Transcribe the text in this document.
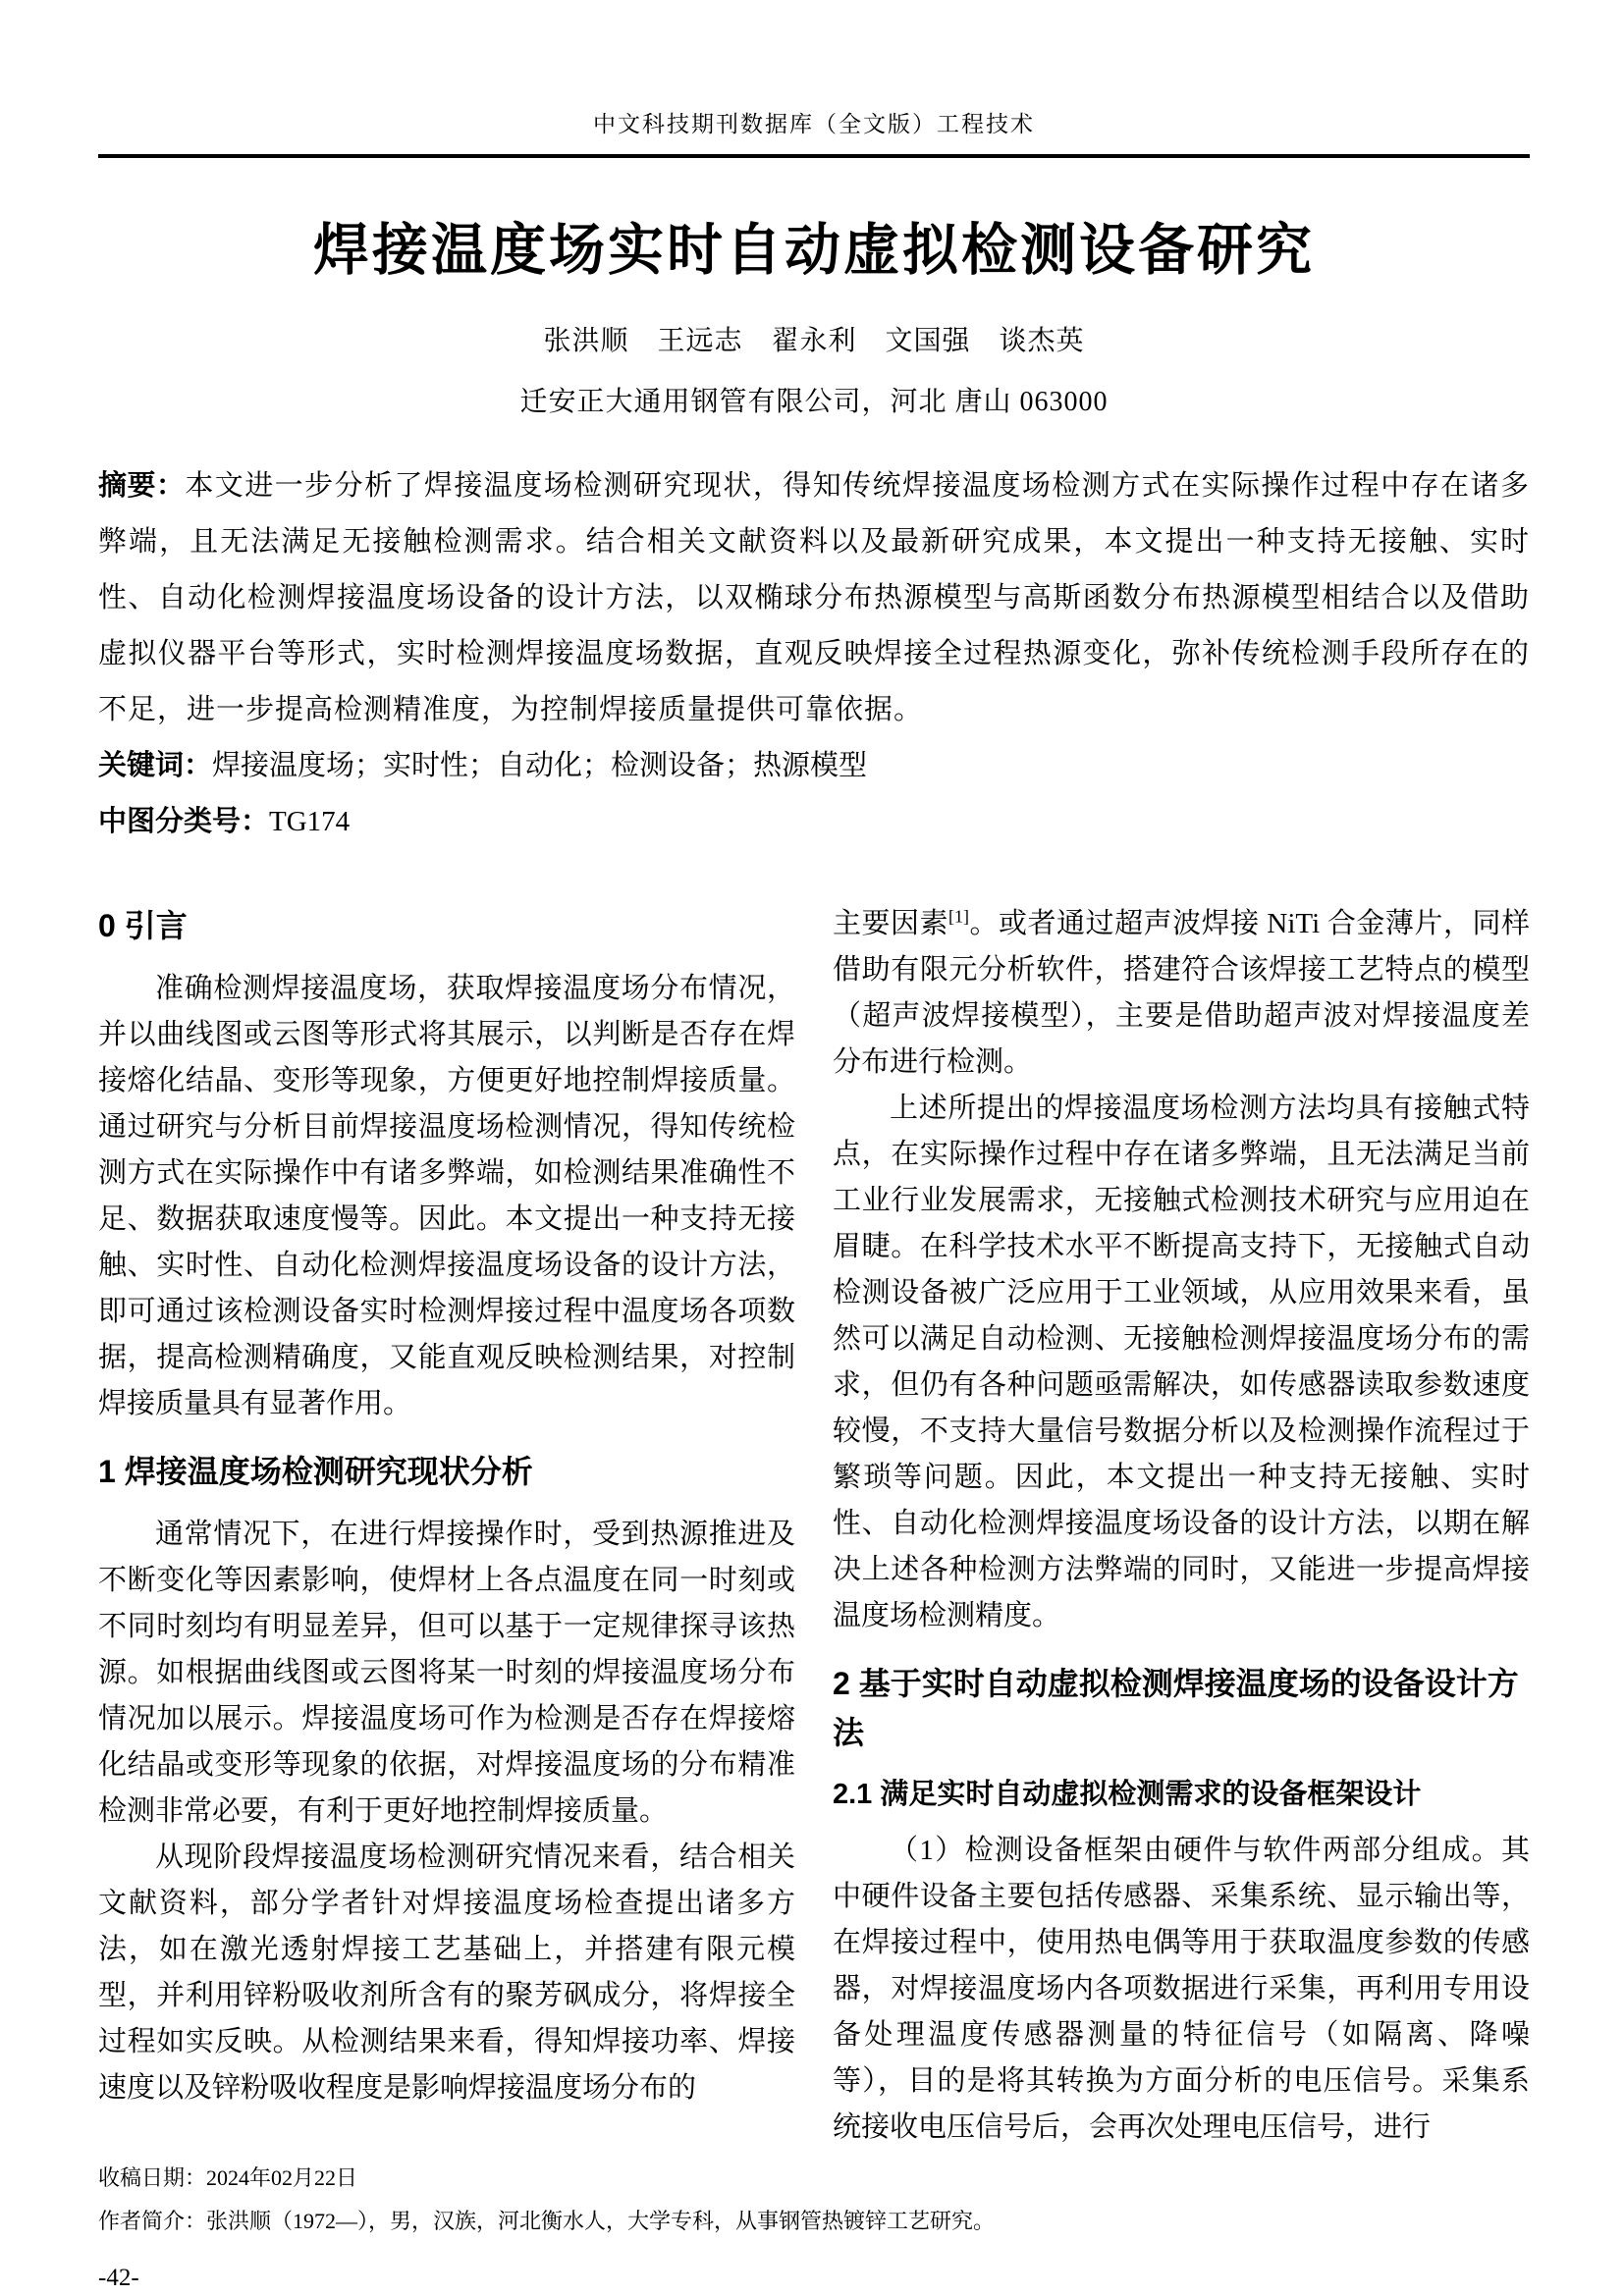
中文科技期刊数据库（全文版）工程技术
焊接温度场实时自动虚拟检测设备研究
张洪顺　王远志　翟永利　文国强　谈杰英
迁安正大通用钢管有限公司，河北 唐山 063000

摘要：本文进一步分析了焊接温度场检测研究现状，得知传统焊接温度场检测方式在实际操作过程中存在诸多弊端，且无法满足无接触检测需求。结合相关文献资料以及最新研究成果，本文提出一种支持无接触、实时性、自动化检测焊接温度场设备的设计方法，以双椭球分布热源模型与高斯函数分布热源模型相结合以及借助虚拟仪器平台等形式，实时检测焊接温度场数据，直观反映焊接全过程热源变化，弥补传统检测手段所存在的不足，进一步提高检测精准度，为控制焊接质量提供可靠依据。

关键词：焊接温度场；实时性；自动化；检测设备；热源模型

中图分类号：TG174

0 引言

准确检测焊接温度场，获取焊接温度场分布情况，并以曲线图或云图等形式将其展示，以判断是否存在焊接熔化结晶、变形等现象，方便更好地控制焊接质量。通过研究与分析目前焊接温度场检测情况，得知传统检测方式在实际操作中有诸多弊端，如检测结果准确性不足、数据获取速度慢等。因此。本文提出一种支持无接触、实时性、自动化检测焊接温度场设备的设计方法，即可通过该检测设备实时检测焊接过程中温度场各项数据，提高检测精确度，又能直观反映检测结果，对控制焊接质量具有显著作用。

1 焊接温度场检测研究现状分析

通常情况下，在进行焊接操作时，受到热源推进及不断变化等因素影响，使焊材上各点温度在同一时刻或不同时刻均有明显差异，但可以基于一定规律探寻该热源。如根据曲线图或云图将某一时刻的焊接温度场分布情况加以展示。焊接温度场可作为检测是否存在焊接熔化结晶或变形等现象的依据，对焊接温度场的分布精准检测非常必要，有利于更好地控制焊接质量。

从现阶段焊接温度场检测研究情况来看，结合相关文献资料，部分学者针对焊接温度场检查提出诸多方法，如在激光透射焊接工艺基础上，并搭建有限元模型，并利用锌粉吸收剂所含有的聚芳砜成分，将焊接全过程如实反映。从检测结果来看，得知焊接功率、焊接速度以及锌粉吸收程度是影响焊接温度场分布的

主要因素[1]。或者通过超声波焊接 NiTi 合金薄片，同样借助有限元分析软件，搭建符合该焊接工艺特点的模型（超声波焊接模型），主要是借助超声波对焊接温度差分布进行检测。

上述所提出的焊接温度场检测方法均具有接触式特点，在实际操作过程中存在诸多弊端，且无法满足当前工业行业发展需求，无接触式检测技术研究与应用迫在眉睫。在科学技术水平不断提高支持下，无接触式自动检测设备被广泛应用于工业领域，从应用效果来看，虽然可以满足自动检测、无接触检测焊接温度场分布的需求，但仍有各种问题亟需解决，如传感器读取参数速度较慢，不支持大量信号数据分析以及检测操作流程过于繁琐等问题。因此，本文提出一种支持无接触、实时性、自动化检测焊接温度场设备的设计方法，以期在解决上述各种检测方法弊端的同时，又能进一步提高焊接温度场检测精度。

2 基于实时自动虚拟检测焊接温度场的设备设计方法
2.1 满足实时自动虚拟检测需求的设备框架设计

（1）检测设备框架由硬件与软件两部分组成。其中硬件设备主要包括传感器、采集系统、显示输出等，在焊接过程中，使用热电偶等用于获取温度参数的传感器，对焊接温度场内各项数据进行采集，再利用专用设备处理温度传感器测量的特征信号（如隔离、降噪等），目的是将其转换为方面分析的电压信号。采集系统接收电压信号后，会再次处理电压信号，进行

收稿日期：2024年02月22日

作者简介：张洪顺（1972—），男，汉族，河北衡水人，大学专科，从事钢管热镀锌工艺研究。

-42-
